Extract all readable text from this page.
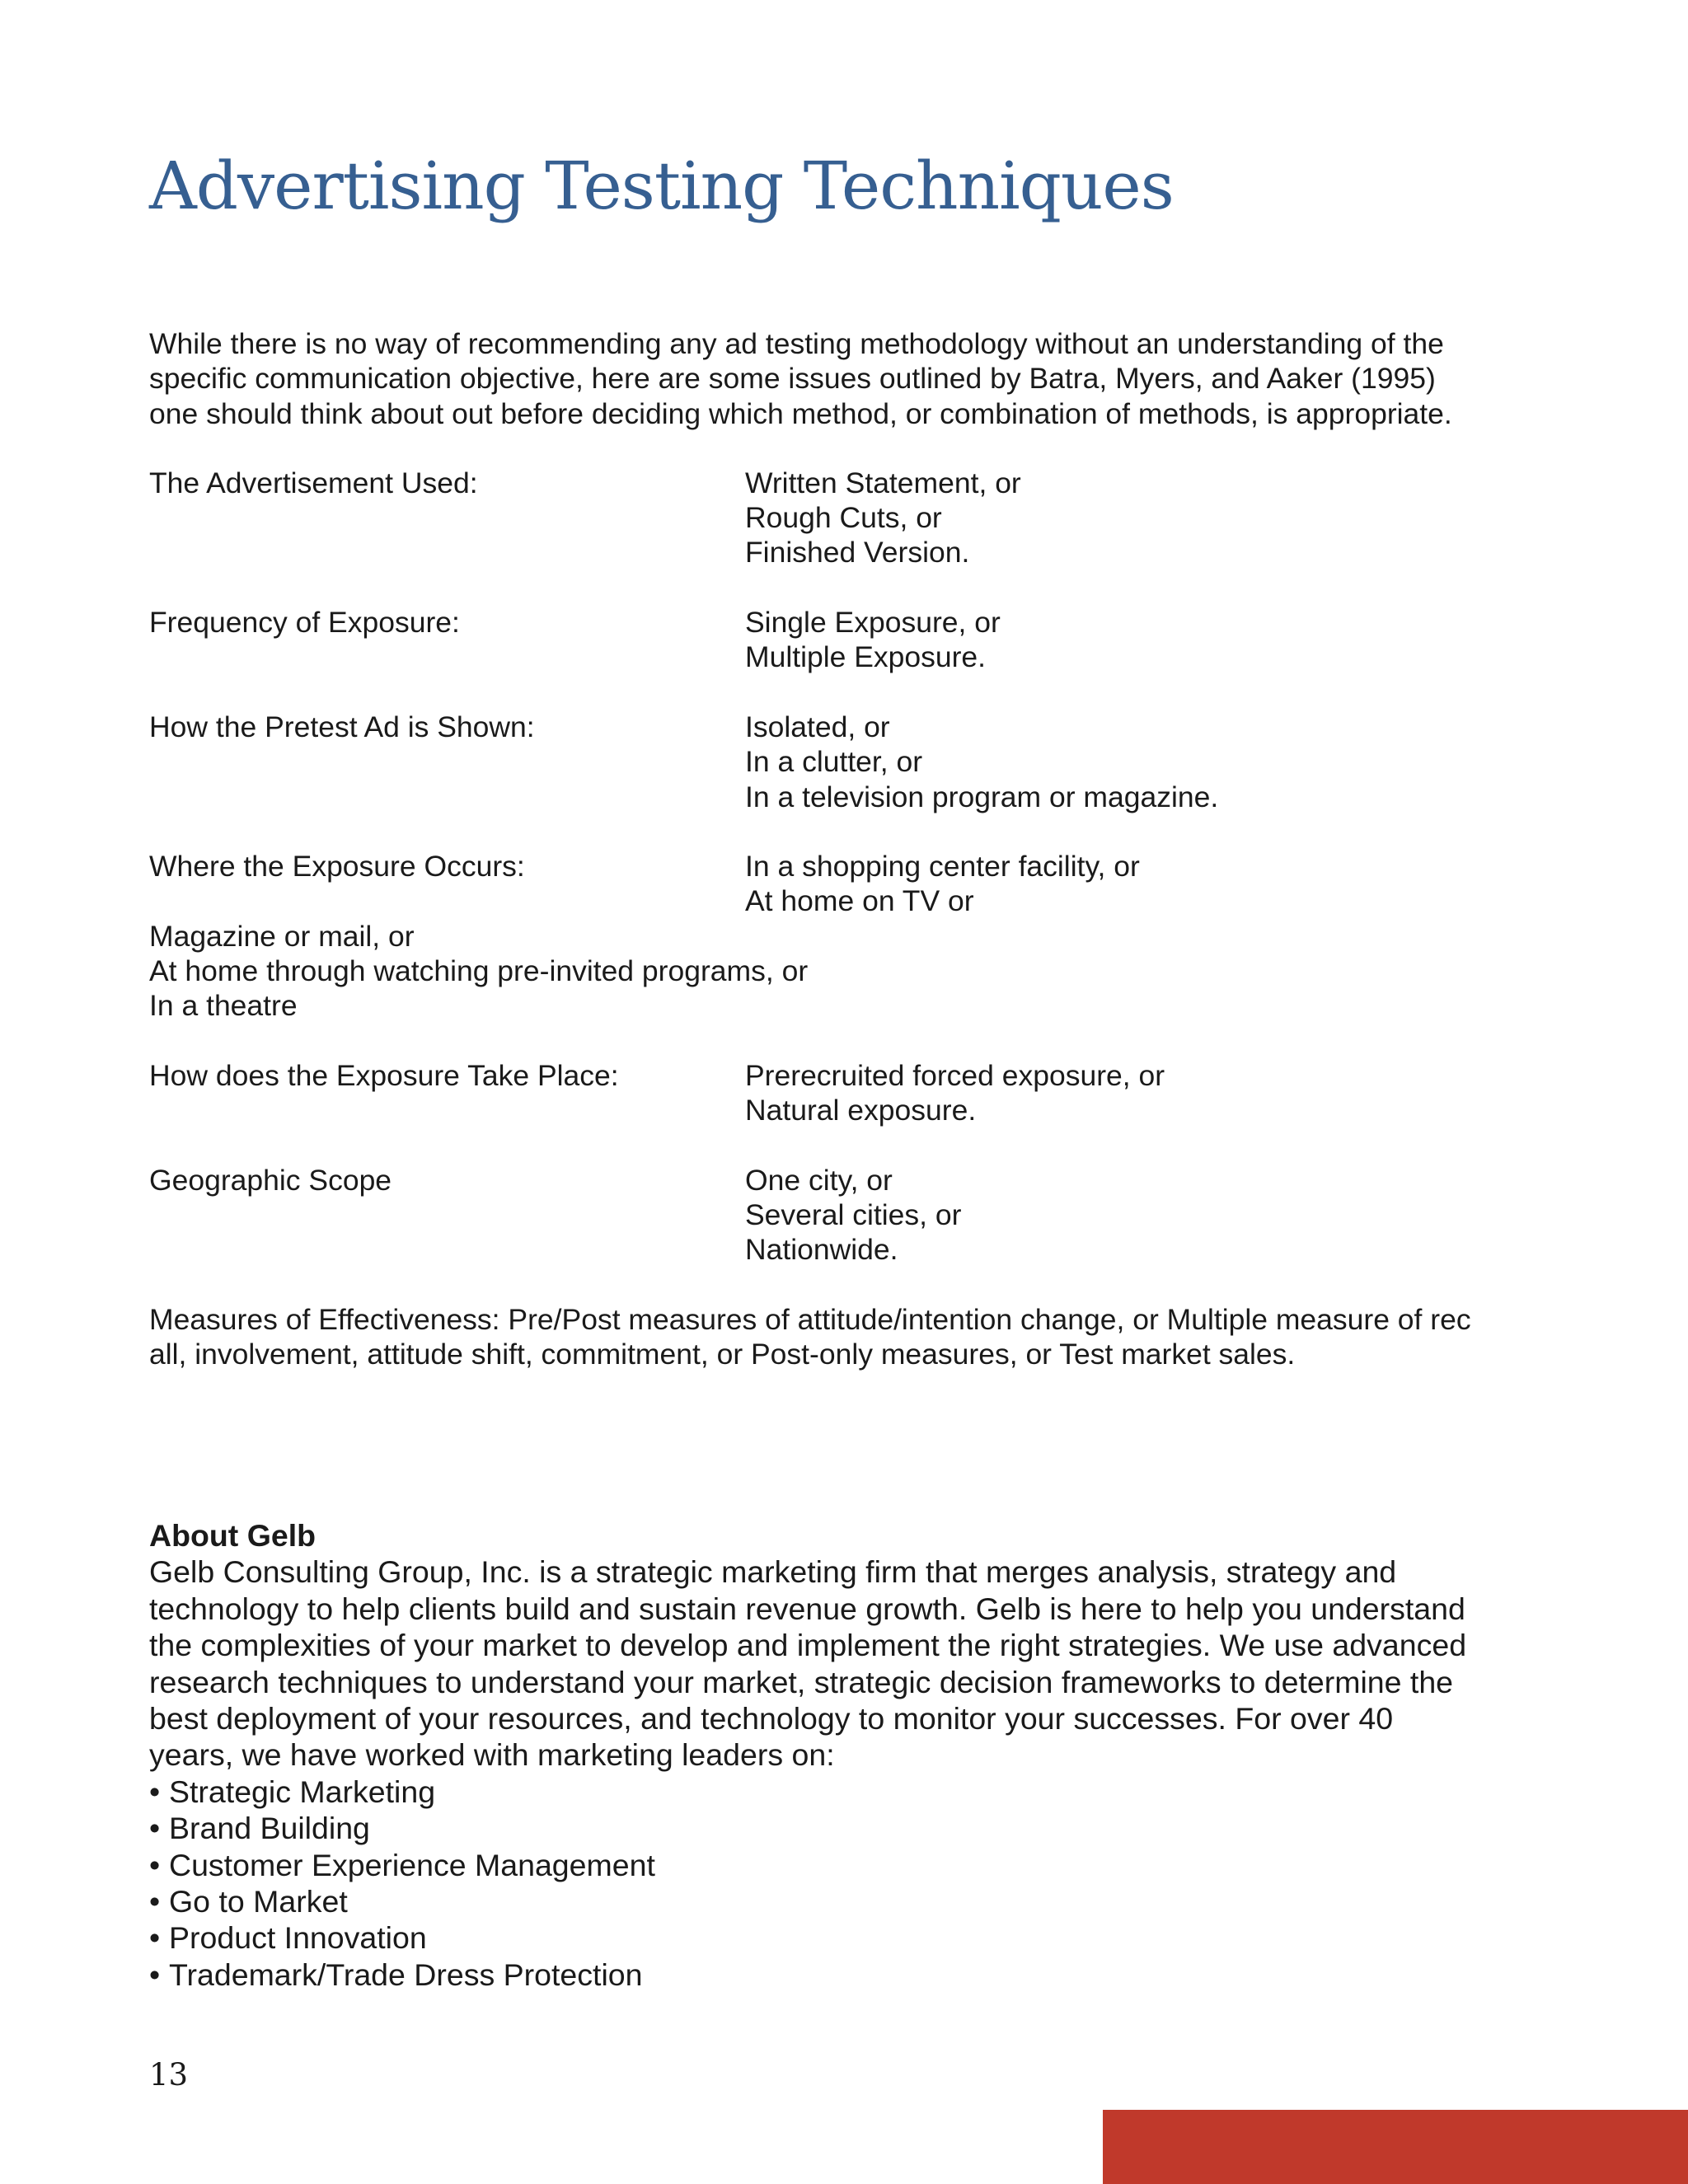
Advertising Testing Techniques

While there is no way of recommending any ad testing methodology without an understanding of the specific communication objective, here are some issues outlined by Batra, Myers, and Aaker (1995) one should think about out before deciding which method, or combination of methods, is appropriate.

The Advertisement Used:	Written Statement, or
Rough Cuts, or
Finished Version.
Frequency of Exposure:	Single Exposure, or
Multiple Exposure.
How the Pretest Ad is Shown:	Isolated, or
In a clutter, or
In a television program or magazine.
Where the Exposure Occurs:	In a shopping center facility, or
At home on TV or
Magazine or mail, or
At home through watching pre-invited programs, or
In a theatre
How does the Exposure Take Place:	Prerecruited forced exposure, or
Natural exposure.
Geographic Scope	One city, or
Several cities, or
Nationwide.

Measures of Effectiveness: Pre/Post measures of attitude/intention change, or Multiple measure of rec all, involvement, attitude shift, commitment, or Post-only measures, or Test market sales.

About Gelb

Gelb Consulting Group, Inc. is a strategic marketing firm that merges analysis, strategy and technology to help clients build and sustain revenue growth. Gelb is here to help you understand the complexities of your market to develop and implement the right strategies. We use advanced research techniques to understand your market, strategic decision frameworks to determine the best deployment of your resources, and technology to monitor your successes. For over 40 years, we have worked with marketing leaders on:

• Strategic Marketing
• Brand Building
• Customer Experience Management
• Go to Market
• Product Innovation
• Trademark/Trade Dress Protection
13
